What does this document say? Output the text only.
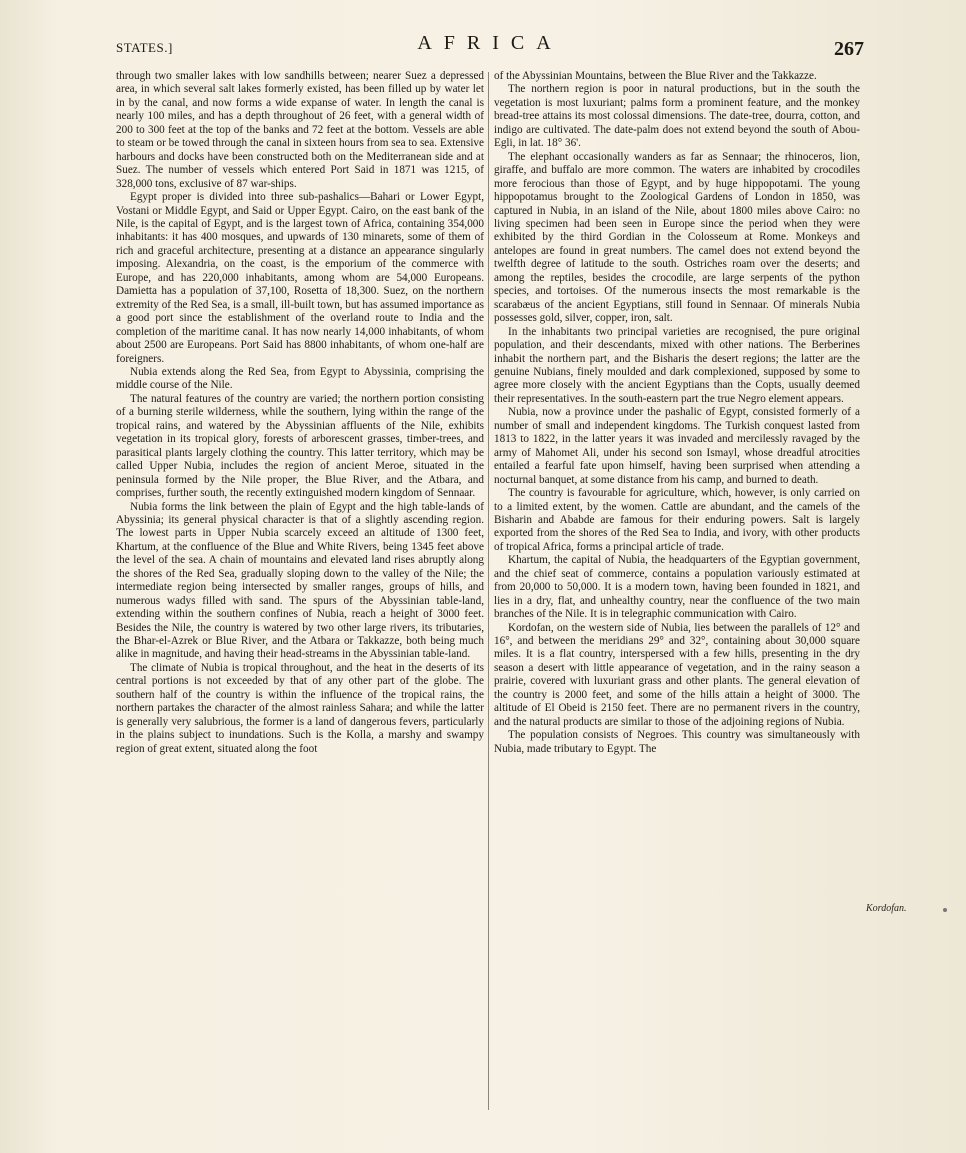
STATES.]	AFRICA	267

through two smaller lakes with low sandhills between; nearer Suez a depressed area, in which several salt lakes formerly existed, has been filled up by water let in by the canal, and now forms a wide expanse of water. In length the canal is nearly 100 miles, and has a depth throughout of 26 feet, with a general width of 200 to 300 feet at the top of the banks and 72 feet at the bottom. Vessels are able to steam or be towed through the canal in sixteen hours from sea to sea. Extensive harbours and docks have been constructed both on the Mediterranean side and at Suez. The number of vessels which entered Port Said in 1871 was 1215, of 328,000 tons, exclusive of 87 war-ships.

Egypt proper is divided into three sub-pashalics—Bahari or Lower Egypt, Vostani or Middle Egypt, and Said or Upper Egypt. Cairo, on the east bank of the Nile, is the capital of Egypt, and is the largest town of Africa, containing 354,000 inhabitants: it has 400 mosques, and upwards of 130 minarets, some of them of rich and graceful architecture, presenting at a distance an appearance singularly imposing. Alexandria, on the coast, is the emporium of the commerce with Europe, and has 220,000 inhabitants, among whom are 54,000 Europeans. Damietta has a population of 37,100, Rosetta of 18,300. Suez, on the northern extremity of the Red Sea, is a small, ill-built town, but has assumed importance as a good port since the establishment of the overland route to India and the completion of the maritime canal. It has now nearly 14,000 inhabitants, of whom about 2500 are Europeans. Port Said has 8800 inhabitants, of whom one-half are foreigners.

Nubia extends along the Red Sea, from Egypt to Abyssinia, comprising the middle course of the Nile.

The natural features of the country are varied; the northern portion consisting of a burning sterile wilderness, while the southern, lying within the range of the tropical rains, and watered by the Abyssinian affluents of the Nile, exhibits vegetation in its tropical glory, forests of arborescent grasses, timber-trees, and parasitical plants largely clothing the country. This latter territory, which may be called Upper Nubia, includes the region of ancient Meroe, situated in the peninsula formed by the Nile proper, the Blue River, and the Atbara, and comprises, further south, the recently extinguished modern kingdom of Sennaar.

Nubia forms the link between the plain of Egypt and the high table-lands of Abyssinia; its general physical character is that of a slightly ascending region. The lowest parts in Upper Nubia scarcely exceed an altitude of 1300 feet, Khartum, at the confluence of the Blue and White Rivers, being 1345 feet above the level of the sea. A chain of mountains and elevated land rises abruptly along the shores of the Red Sea, gradually sloping down to the valley of the Nile; the intermediate region being intersected by smaller ranges, groups of hills, and numerous wadys filled with sand. The spurs of the Abyssinian table-land, extending within the southern confines of Nubia, reach a height of 3000 feet. Besides the Nile, the country is watered by two other large rivers, its tributaries, the Bhar-el-Azrek or Blue River, and the Atbara or Takkazze, both being much alike in magnitude, and having their head-streams in the Abyssinian table-land.

The climate of Nubia is tropical throughout, and the heat in the deserts of its central portions is not exceeded by that of any other part of the globe. The southern half of the country is within the influence of the tropical rains, the northern partakes the character of the almost rainless Sahara; and while the latter is generally very salubrious, the former is a land of dangerous fevers, particularly in the plains subject to inundations. Such is the Kolla, a marshy and swampy region of great extent, situated along the foot

of the Abyssinian Mountains, between the Blue River and the Takkazze.

The northern region is poor in natural productions, but in the south the vegetation is most luxuriant; palms form a prominent feature, and the monkey bread-tree attains its most colossal dimensions. The date-tree, dourra, cotton, and indigo are cultivated. The date-palm does not extend beyond the south of Abou-Egli, in lat. 18° 36'.

The elephant occasionally wanders as far as Sennaar; the rhinoceros, lion, giraffe, and buffalo are more common. The waters are inhabited by crocodiles more ferocious than those of Egypt, and by huge hippopotami. The young hippopotamus brought to the Zoological Gardens of London in 1850, was captured in Nubia, in an island of the Nile, about 1800 miles above Cairo: no living specimen had been seen in Europe since the period when they were exhibited by the third Gordian in the Colosseum at Rome. Monkeys and antelopes are found in great numbers. The camel does not extend beyond the twelfth degree of latitude to the south. Ostriches roam over the deserts; and among the reptiles, besides the crocodile, are large serpents of the python species, and tortoises. Of the numerous insects the most remarkable is the scarabæus of the ancient Egyptians, still found in Sennaar. Of minerals Nubia possesses gold, silver, copper, iron, salt.

In the inhabitants two principal varieties are recognised, the pure original population, and their descendants, mixed with other nations. The Berberines inhabit the northern part, and the Bisharis the desert regions; the latter are the genuine Nubians, finely moulded and dark complexioned, supposed by some to agree more closely with the ancient Egyptians than the Copts, usually deemed their representatives. In the south-eastern part the true Negro element appears.

Nubia, now a province under the pashalic of Egypt, consisted formerly of a number of small and independent kingdoms. The Turkish conquest lasted from 1813 to 1822, in the latter years it was invaded and mercilessly ravaged by the army of Mahomet Ali, under his second son Ismayl, whose dreadful atrocities entailed a fearful fate upon himself, having been surprised when attending a nocturnal banquet, at some distance from his camp, and burned to death.

The country is favourable for agriculture, which, however, is only carried on to a limited extent, by the women. Cattle are abundant, and the camels of the Bisharin and Ababde are famous for their enduring powers. Salt is largely exported from the shores of the Red Sea to India, and ivory, with other products of tropical Africa, forms a principal article of trade.

Khartum, the capital of Nubia, the headquarters of the Egyptian government, and the chief seat of commerce, contains a population variously estimated at from 20,000 to 50,000. It is a modern town, having been founded in 1821, and lies in a dry, flat, and unhealthy country, near the confluence of the two main branches of the Nile. It is in telegraphic communication with Cairo.

Kordofan, on the western side of Nubia, lies between the parallels of 12° and 16°, and between the meridians 29° and 32°, containing about 30,000 square miles. It is a flat country, interspersed with a few hills, presenting in the dry season a desert with little appearance of vegetation, and in the rainy season a prairie, covered with luxuriant grass and other plants. The general elevation of the country is 2000 feet, and some of the hills attain a height of 3000. The altitude of El Obeid is 2150 feet. There are no permanent rivers in the country, and the natural products are similar to those of the adjoining regions of Nubia.

The population consists of Negroes. This country was simultaneously with Nubia, made tributary to Egypt. The

Kordofan.
